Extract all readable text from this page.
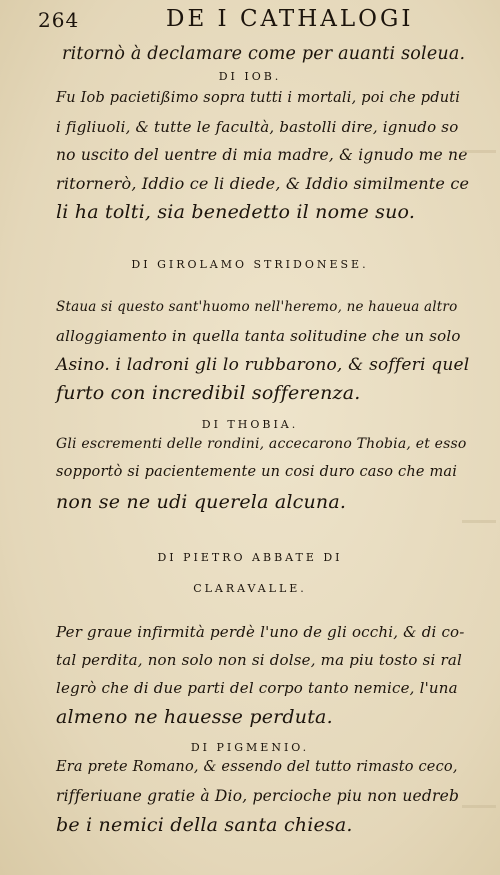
264	DE I CATHALOGI
ritornò à declamare come per auanti soleua.
DI IOB.
Fu Iob pacietißimo sopra tutti i mortali, poi che pduti
i figliuoli, & tutte le facultà, bastolli dire, ignudo so
no uscito del uentre di mia madre, & ignudo me ne
ritornerò, Iddio ce li diede, & Iddio similmente ce
li ha tolti, sia benedetto il nome suo.
DI GIROLAMO STRIDONESE.
Staua si questo sant'huomo nell'heremo, ne haueua altro
alloggiamento in quella tanta solitudine che un solo
Asino. i ladroni gli lo rubbarono, & sofferi quel
furto con incredibil sofferenza.
DI THOBIA.
Gli escrementi delle rondini, accecarono Thobia, et esso
sopportò si pacientemente un cosi duro caso che mai
non se ne udi querela alcuna.
DI PIETRO ABBATE DI
CLARAVALLE.
Per graue infirmità perdè l'uno de gli occhi, & di co-
tal perdita, non solo non si dolse, ma piu tosto si ral
legrò che di due parti del corpo tanto nemice, l'una
almeno ne hauesse perduta.
DI PIGMENIO.
Era prete Romano, & essendo del tutto rimasto ceco,
rifferiuane gratie à Dio, percioche piu non uedreb
be i nemici della santa chiesa.
